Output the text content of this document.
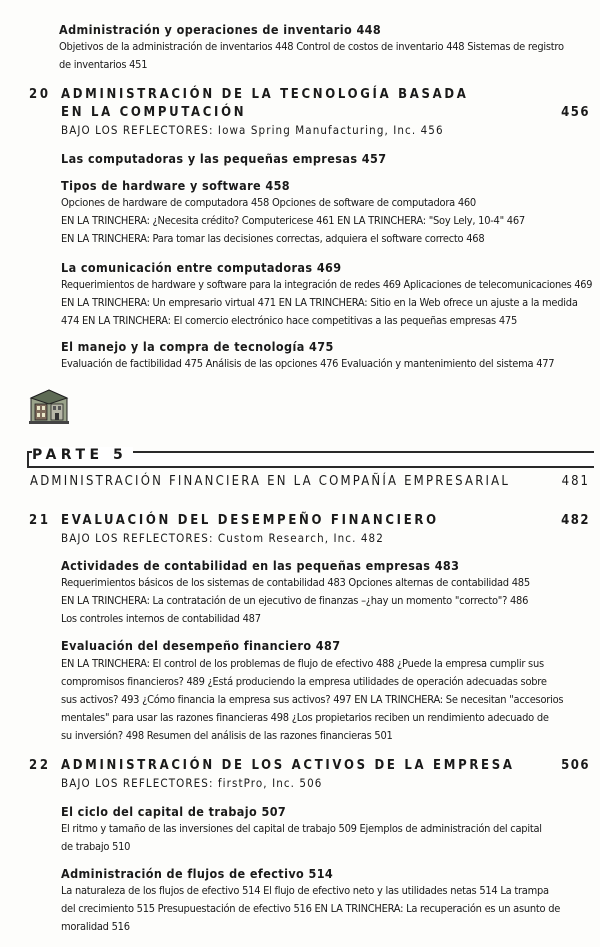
Administración y operaciones de inventario 448
Objetivos de la administración de inventarios 448 Control de costos de inventario 448 Sistemas de registro
de inventarios 451
20 ADMINISTRACIÓN DE LA TECNOLOGÍA BASADA
EN LA COMPUTACIÓN	456
BAJO LOS REFLECTORES: Iowa Spring Manufacturing, Inc. 456
Las computadoras y las pequeñas empresas 457
Tipos de hardware y software 458
Opciones de hardware de computadora 458 Opciones de software de computadora 460
EN LA TRINCHERA: ¿Necesita crédito? Computericese 461 EN LA TRINCHERA: "Soy Lely, 10-4" 467
EN LA TRINCHERA: Para tomar las decisiones correctas, adquiera el software correcto 468
La comunicación entre computadoras 469
Requerimientos de hardware y software para la integración de redes 469 Aplicaciones de telecomunicaciones 469
EN LA TRINCHERA: Un empresario virtual 471 EN LA TRINCHERA: Sitio en la Web ofrece un ajuste a la medida
474 EN LA TRINCHERA: El comercio electrónico hace competitivas a las pequeñas empresas 475
El manejo y la compra de tecnología 475
Evaluación de factibilidad 475 Análisis de las opciones 476 Evaluación y mantenimiento del sistema 477
PARTE 5
ADMINISTRACIÓN FINANCIERA EN LA COMPAÑÍA EMPRESARIAL	481
21 EVALUACIÓN DEL DESEMPEÑO FINANCIERO	482
BAJO LOS REFLECTORES: Custom Research, Inc. 482
Actividades de contabilidad en las pequeñas empresas 483
Requerimientos básicos de los sistemas de contabilidad 483 Opciones alternas de contabilidad 485
EN LA TRINCHERA: La contratación de un ejecutivo de finanzas –¿hay un momento "correcto"? 486
Los controles internos de contabilidad 487
Evaluación del desempeño financiero 487
EN LA TRINCHERA: El control de los problemas de flujo de efectivo 488 ¿Puede la empresa cumplir sus
compromisos financieros? 489 ¿Está produciendo la empresa utilidades de operación adecuadas sobre
sus activos? 493 ¿Cómo financia la empresa sus activos? 497 EN LA TRINCHERA: Se necesitan "accesorios
mentales" para usar las razones financieras 498 ¿Los propietarios reciben un rendimiento adecuado de
su inversión? 498 Resumen del análisis de las razones financieras 501
22 ADMINISTRACIÓN DE LOS ACTIVOS DE LA EMPRESA	506
BAJO LOS REFLECTORES: firstPro, Inc. 506
El ciclo del capital de trabajo 507
El ritmo y tamaño de las inversiones del capital de trabajo 509 Ejemplos de administración del capital
de trabajo 510
Administración de flujos de efectivo 514
La naturaleza de los flujos de efectivo 514 El flujo de efectivo neto y las utilidades netas 514 La trampa
del crecimiento 515 Presupuestación de efectivo 516 EN LA TRINCHERA: La recuperación es un asunto de
moralidad 516
